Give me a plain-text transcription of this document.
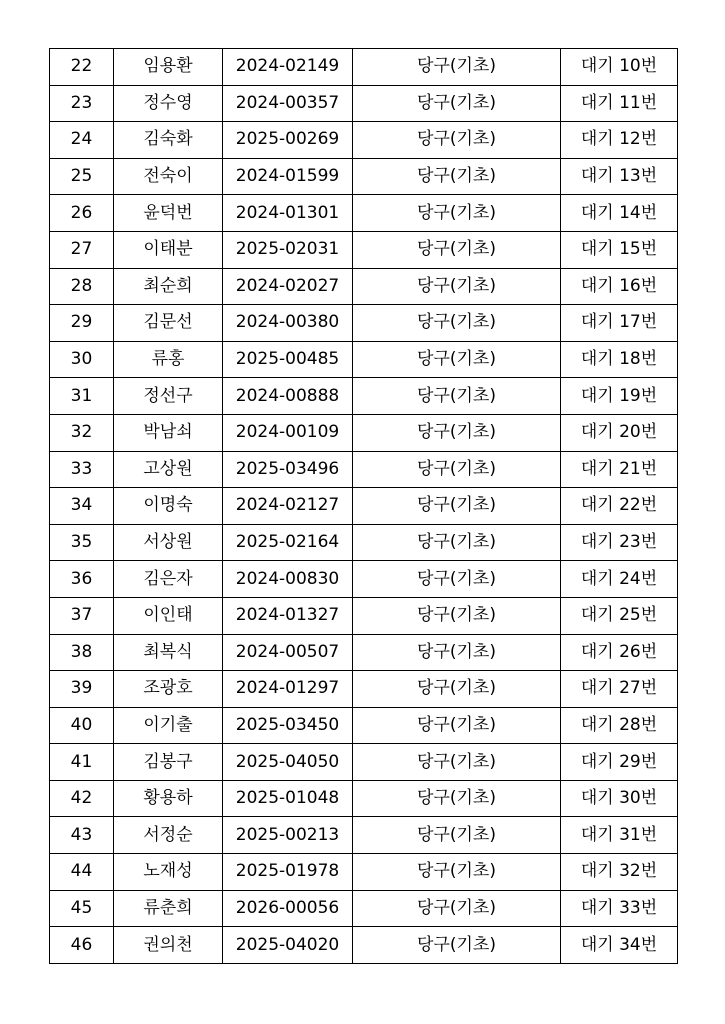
22	임용환	2024-02149	당구(기초)	대기 10번
23	정수영	2024-00357	당구(기초)	대기 11번
24	김숙화	2025-00269	당구(기초)	대기 12번
25	전숙이	2024-01599	당구(기초)	대기 13번
26	윤덕번	2024-01301	당구(기초)	대기 14번
27	이태분	2025-02031	당구(기초)	대기 15번
28	최순희	2024-02027	당구(기초)	대기 16번
29	김문선	2024-00380	당구(기초)	대기 17번
30	류홍	2025-00485	당구(기초)	대기 18번
31	정선구	2024-00888	당구(기초)	대기 19번
32	박남쇠	2024-00109	당구(기초)	대기 20번
33	고상원	2025-03496	당구(기초)	대기 21번
34	이명숙	2024-02127	당구(기초)	대기 22번
35	서상원	2025-02164	당구(기초)	대기 23번
36	김은자	2024-00830	당구(기초)	대기 24번
37	이인태	2024-01327	당구(기초)	대기 25번
38	최복식	2024-00507	당구(기초)	대기 26번
39	조광호	2024-01297	당구(기초)	대기 27번
40	이기출	2025-03450	당구(기초)	대기 28번
41	김봉구	2025-04050	당구(기초)	대기 29번
42	황용하	2025-01048	당구(기초)	대기 30번
43	서정순	2025-00213	당구(기초)	대기 31번
44	노재성	2025-01978	당구(기초)	대기 32번
45	류춘희	2026-00056	당구(기초)	대기 33번
46	권의천	2025-04020	당구(기초)	대기 34번
